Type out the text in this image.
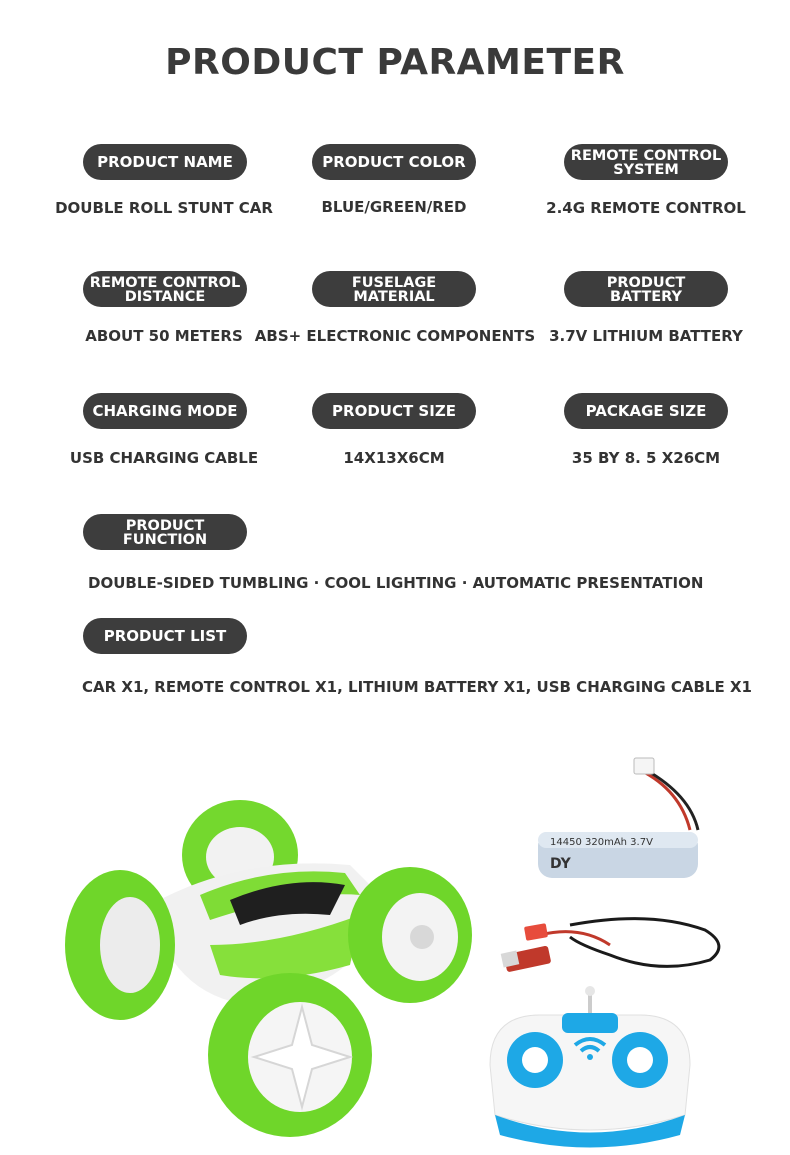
PRODUCT PARAMETER
PRODUCT NAME
DOUBLE ROLL STUNT CAR
PRODUCT COLOR
BLUE/GREEN/RED
REMOTE CONTROL
SYSTEM
2.4G REMOTE CONTROL
REMOTE CONTROL
DISTANCE
ABOUT 50 METERS
FUSELAGE
MATERIAL
ABS+ ELECTRONIC COMPONENTS
PRODUCT
BATTERY
3.7V LITHIUM BATTERY
CHARGING MODE
USB CHARGING CABLE
PRODUCT SIZE
14X13X6CM
PACKAGE SIZE
35 BY 8. 5 X26CM
PRODUCT
FUNCTION
DOUBLE-SIDED TUMBLING · COOL LIGHTING · AUTOMATIC PRESENTATION
PRODUCT LIST
CAR X1, REMOTE CONTROL X1, LITHIUM BATTERY X1, USB CHARGING CABLE X1
14450 320mAh 3.7V
DY
